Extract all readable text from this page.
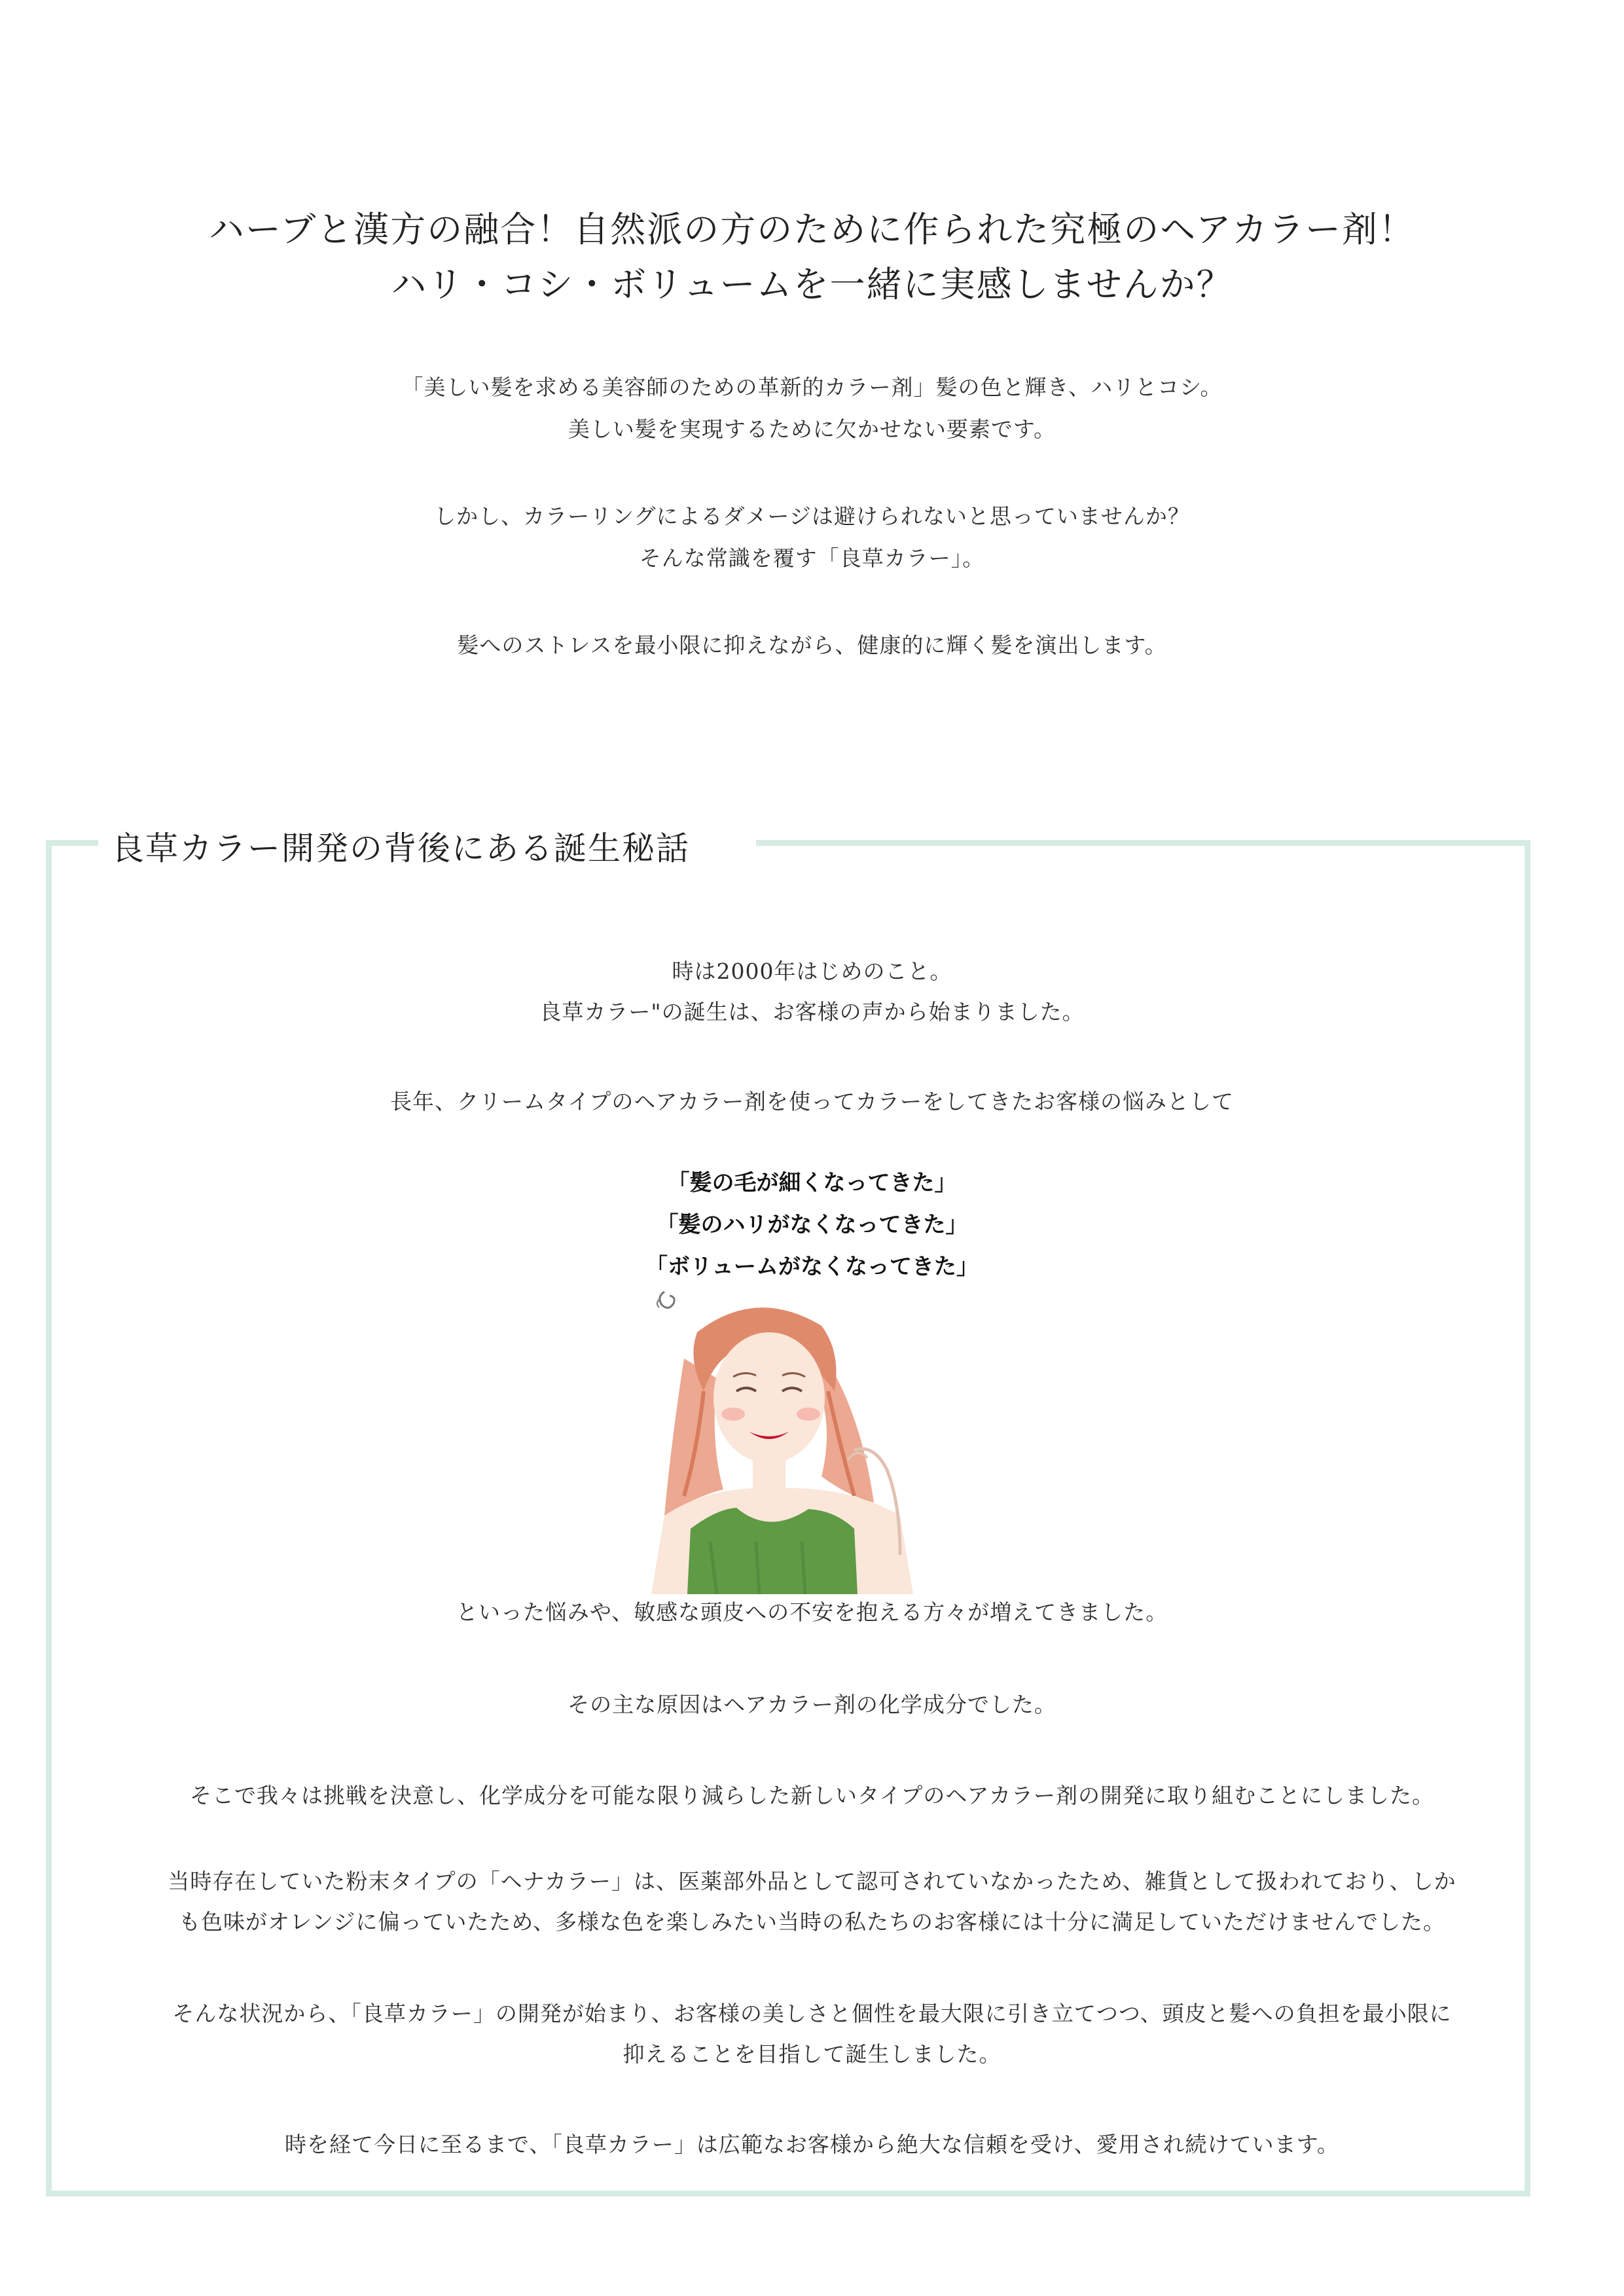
ハーブと漢方の融合！自然派の方のために作られた究極のヘアカラー剤！
ハリ・コシ・ボリュームを一緒に実感しませんか？
「美しい髪を求める美容師のための革新的カラー剤」髪の色と輝き、ハリとコシ。
美しい髪を実現するために欠かせない要素です。
しかし、カラーリングによるダメージは避けられないと思っていませんか？
そんな常識を覆す「良草カラー」。
髪へのストレスを最小限に抑えながら、健康的に輝く髪を演出します。
良草カラー開発の背後にある誕生秘話
時は2000年はじめのこと。
良草カラー"の誕生は、お客様の声から始まりました。
長年、クリームタイプのヘアカラー剤を使ってカラーをしてきたお客様の悩みとして
「髪の毛が細くなってきた」
「髪のハリがなくなってきた」
「ボリュームがなくなってきた」
といった悩みや、敏感な頭皮への不安を抱える方々が増えてきました。
その主な原因はヘアカラー剤の化学成分でした。
そこで我々は挑戦を決意し、化学成分を可能な限り減らした新しいタイプのヘアカラー剤の開発に取り組むことにしました。
当時存在していた粉末タイプの「ヘナカラー」は、医薬部外品として認可されていなかったため、雑貨として扱われており、しか
も色味がオレンジに偏っていたため、多様な色を楽しみたい当時の私たちのお客様には十分に満足していただけませんでした。
そんな状況から、「良草カラー」の開発が始まり、お客様の美しさと個性を最大限に引き立てつつ、頭皮と髪への負担を最小限に
抑えることを目指して誕生しました。
時を経て今日に至るまで、「良草カラー」は広範なお客様から絶大な信頼を受け、愛用され続けています。
